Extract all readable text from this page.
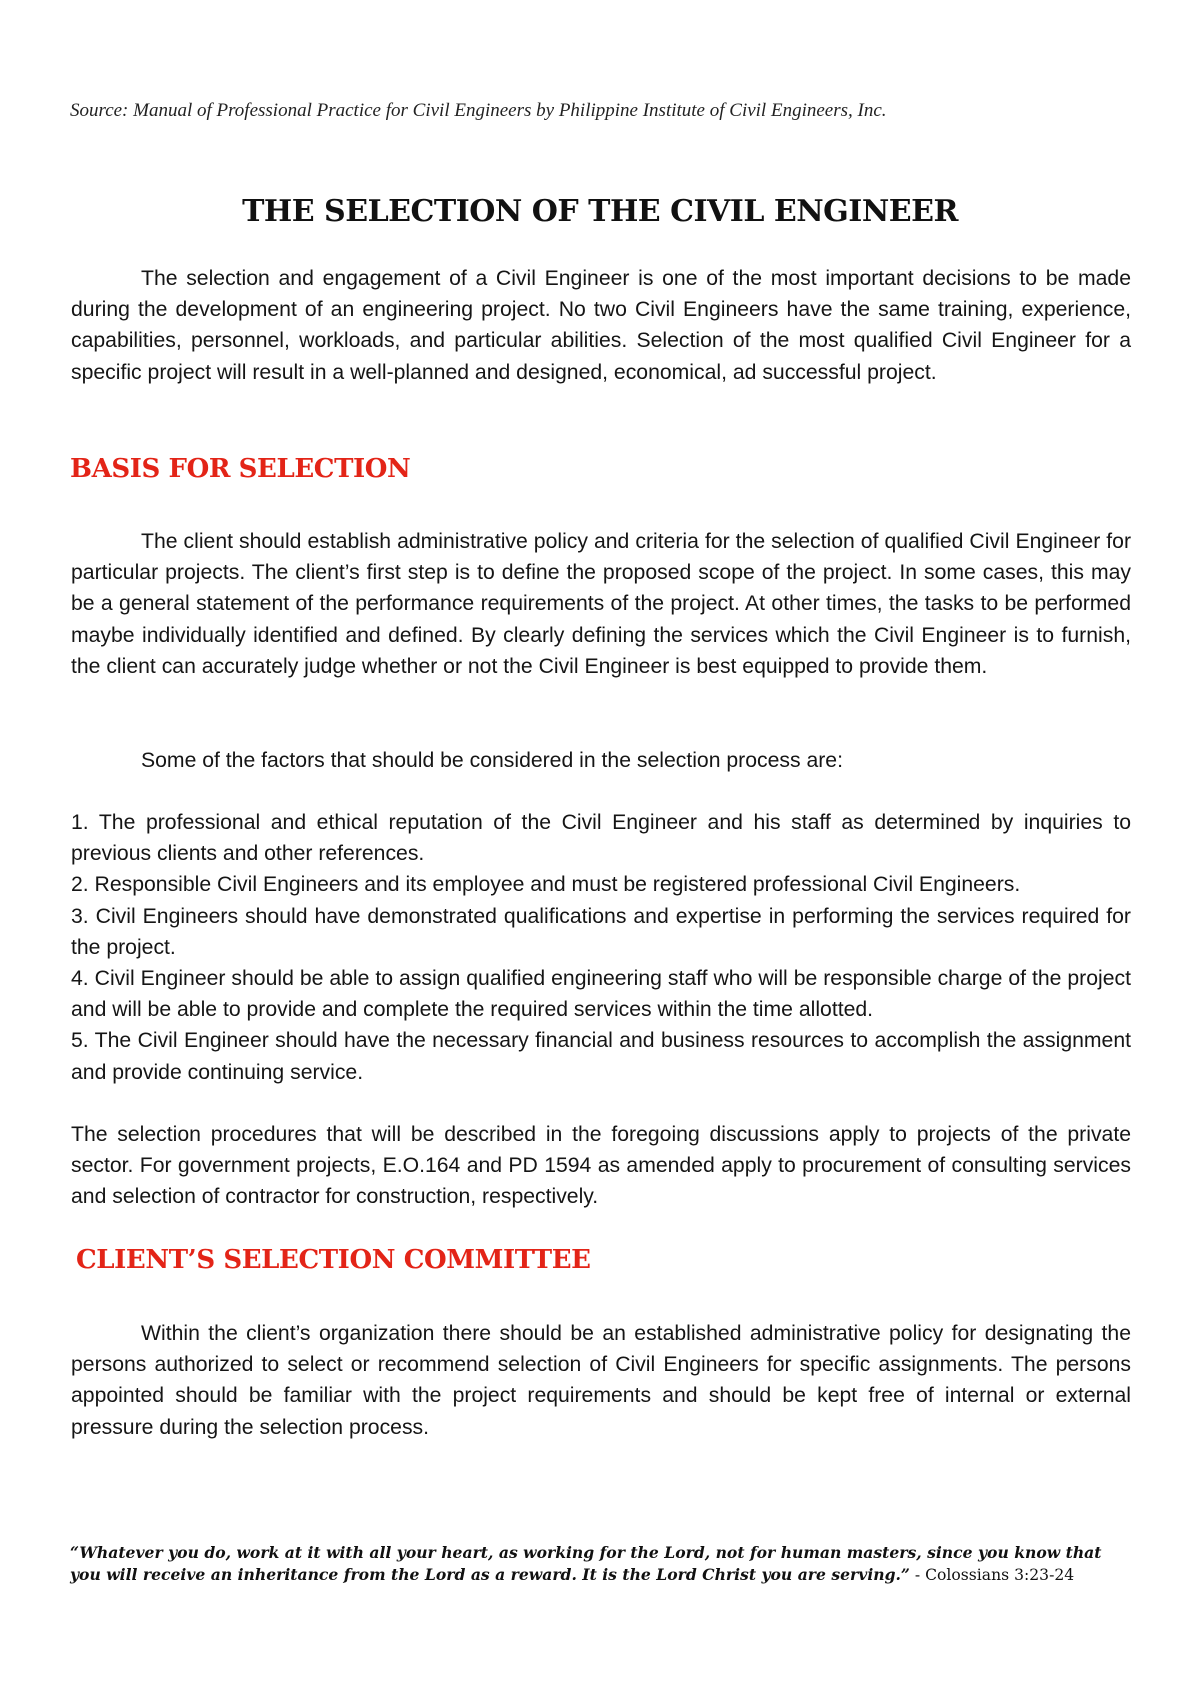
Source: Manual of Professional Practice for Civil Engineers by Philippine Institute of Civil Engineers, Inc.
THE SELECTION OF THE CIVIL ENGINEER

The selection and engagement of a Civil Engineer is one of the most important decisions to be made during the development of an engineering project. No two Civil Engineers have the same training, experience, capabilities, personnel, workloads, and particular abilities. Selection of the most qualified Civil Engineer for a specific project will result in a well-planned and designed, economical, ad successful project.

BASIS FOR SELECTION

The client should establish administrative policy and criteria for the selection of qualified Civil Engineer for particular projects. The client’s first step is to define the proposed scope of the project. In some cases, this may be a general statement of the performance requirements of the project. At other times, the tasks to be performed maybe individually identified and defined. By clearly defining the services which the Civil Engineer is to furnish, the client can accurately judge whether or not the Civil Engineer is best equipped to provide them.

Some of the factors that should be considered in the selection process are:

1. The professional and ethical reputation of the Civil Engineer and his staff as determined by inquiries to previous clients and other references.
2. Responsible Civil Engineers and its employee and must be registered professional Civil Engineers.
3. Civil Engineers should have demonstrated qualifications and expertise in performing the services required for the project.
4. Civil Engineer should be able to assign qualified engineering staff who will be responsible charge of the project and will be able to provide and complete the required services within the time allotted.
5. The Civil Engineer should have the necessary financial and business resources to accomplish the assignment and provide continuing service.

The selection procedures that will be described in the foregoing discussions apply to projects of the private sector. For government projects, E.O.164 and PD 1594 as amended apply to procurement of consulting services and selection of contractor for construction, respectively.

CLIENT’S SELECTION COMMITTEE

Within the client’s organization there should be an established administrative policy for designating the persons authorized to select or recommend selection of Civil Engineers for specific assignments. The persons appointed should be familiar with the project requirements and should be kept free of internal or external pressure during the selection process.

“Whatever you do, work at it with all your heart, as working for the Lord, not for human masters, since you know that you will receive an inheritance from the Lord as a reward. It is the Lord Christ you are serving.” - Colossians 3:23-24
